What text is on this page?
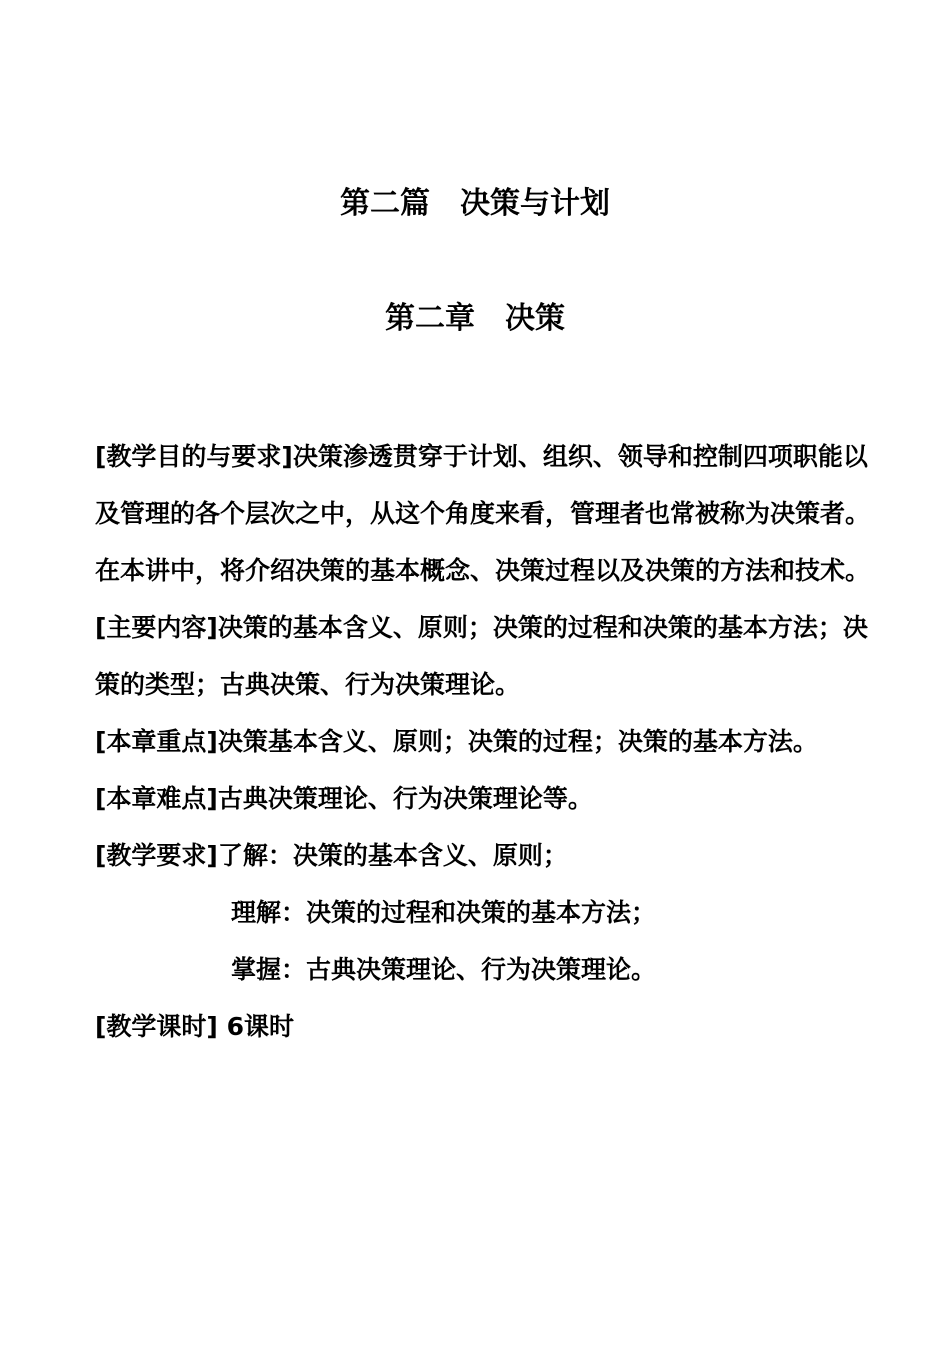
第二篇　决策与计划
第二章　决策

[教学目的与要求]决策渗透贯穿于计划、组织、领导和控制四项职能以及管理的各个层次之中，从这个角度来看，管理者也常被称为决策者。在本讲中，将介绍决策的基本概念、决策过程以及决策的方法和技术。

[主要内容]决策的基本含义、原则；决策的过程和决策的基本方法；决策的类型；古典决策、行为决策理论。

[本章重点]决策基本含义、原则；决策的过程；决策的基本方法。

[本章难点]古典决策理论、行为决策理论等。

[教学要求]了解：决策的基本含义、原则；

理解：决策的过程和决策的基本方法；

掌握：古典决策理论、行为决策理论。

[教学课时] 6课时
